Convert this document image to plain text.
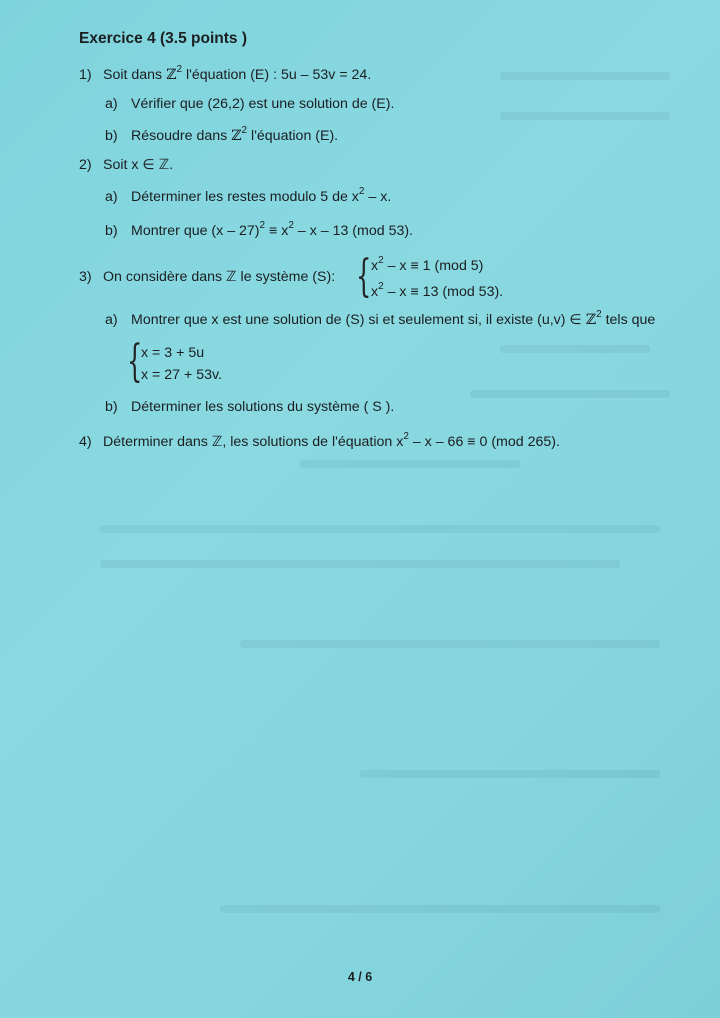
Exercice 4 (3.5 points )
1) Soit dans ℤ$^2$ l'équation (E) : 5u – 53v = 24.
a) Vérifier que (26,2) est une solution de (E).
b) Résoudre dans ℤ$^2$ l'équation (E).
2) Soit x ∈ ℤ.
a) Déterminer les restes modulo 5 de $x^2$ – x.
b) Montrer que $(x - 27)^2 \equiv x^2 - x - 13$ (mod 53).
3) On considère dans ℤ le système (S): { $x^2 - x \equiv 1$ (mod 5)
$x^2 - x \equiv 13$ (mod 53).
a) Montrer que x est une solution de (S) si et seulement si, il existe (u,v) ∈ ℤ$^2$ tels que
{
x = 3 + 5u
x = 27 + 53v.
b) Déterminer les solutions du système ( S ).
4) Déterminer dans ℤ, les solutions de l'équation $x^2 - x - 66 \equiv 0$ (mod 265).
4 / 6
